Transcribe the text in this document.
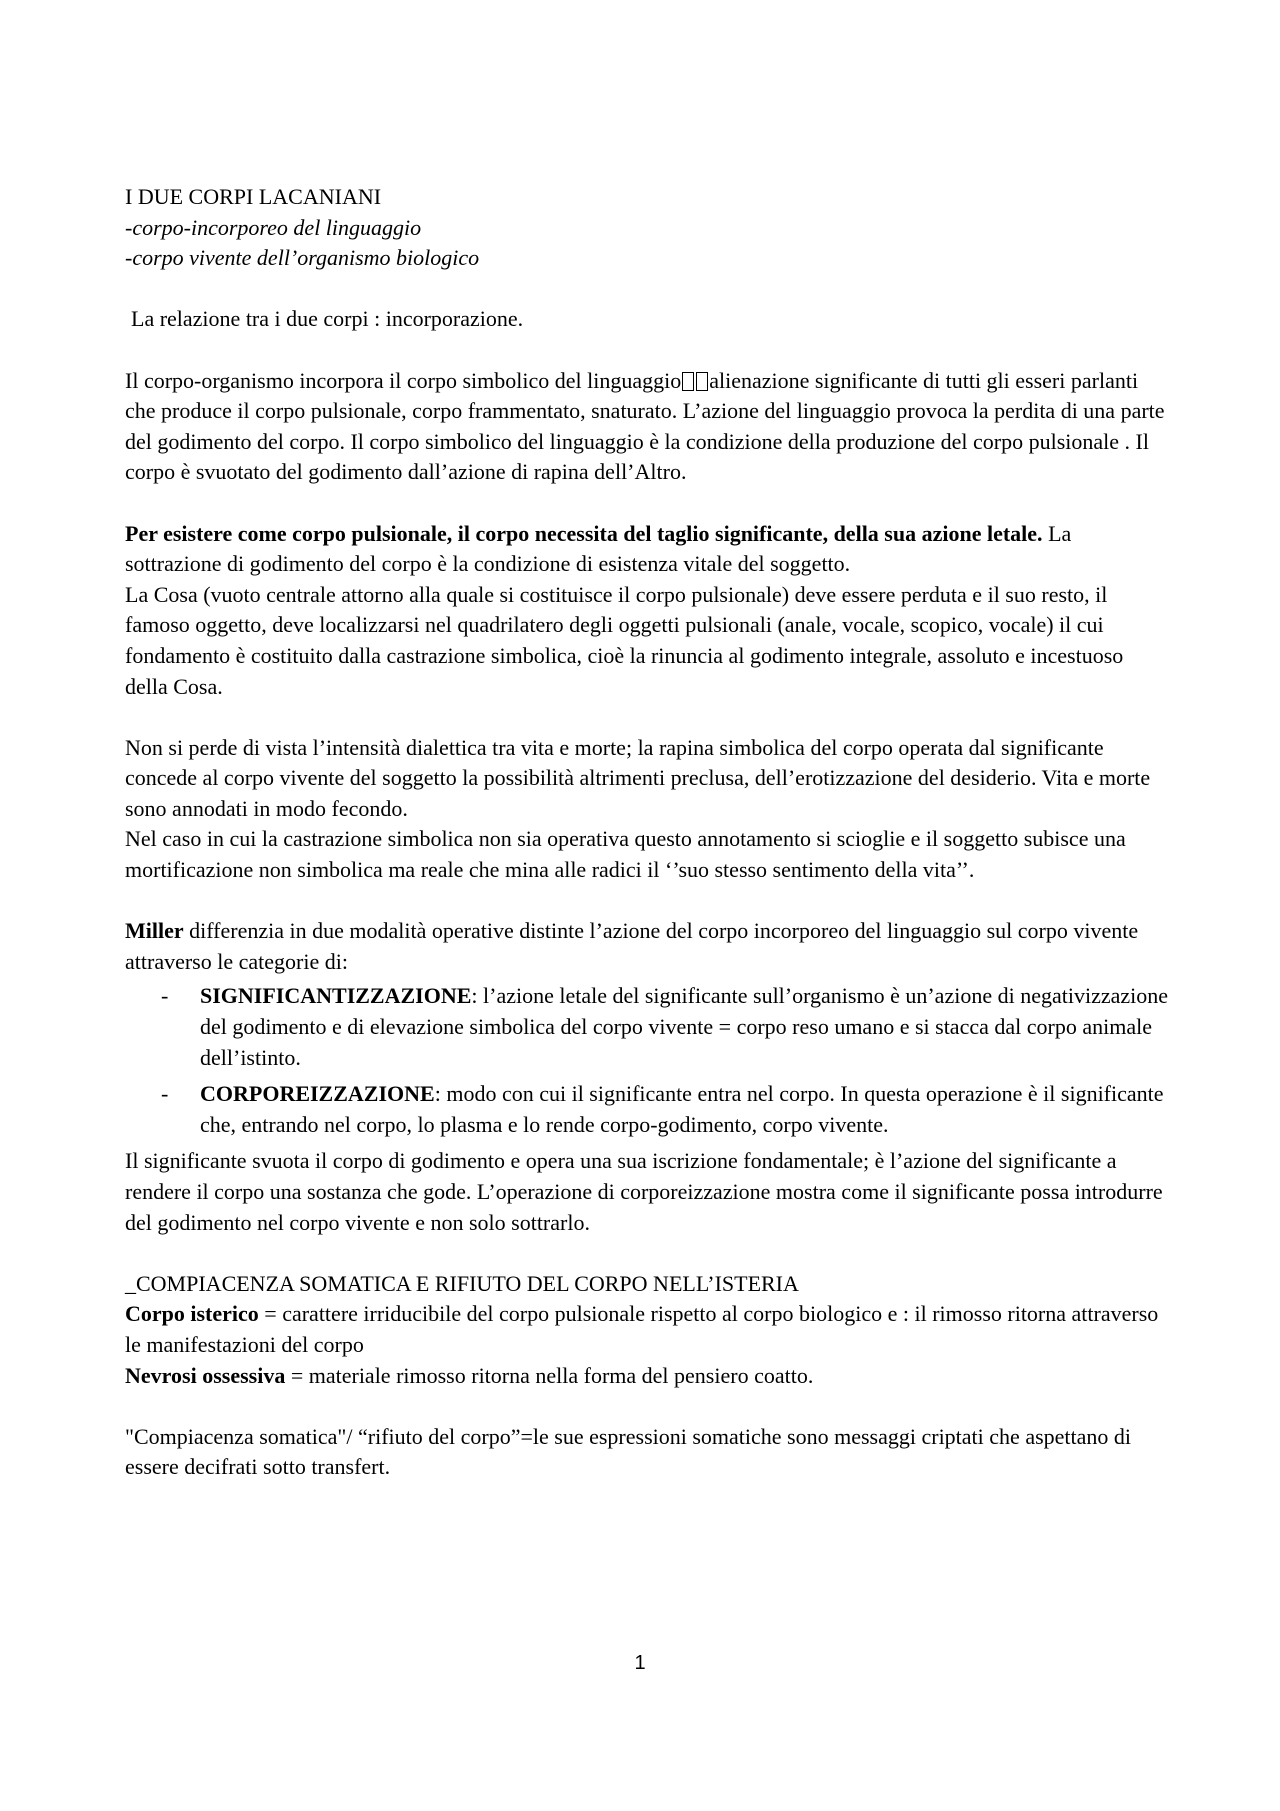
I DUE CORPI LACANIANI

-corpo-incorporeo del linguaggio

-corpo vivente dell’organismo biologico

La relazione tra i due corpi : incorporazione.

Il corpo-organismo incorpora il corpo simbolico del linguaggio alienazione significante di tutti gli esseri parlanti che produce il corpo pulsionale, corpo frammentato, snaturato. L’azione del linguaggio provoca la perdita di una parte del godimento del corpo. Il corpo simbolico del linguaggio è la condizione della produzione del corpo pulsionale . Il corpo è svuotato del godimento dall’azione di rapina dell’Altro.

Per esistere come corpo pulsionale, il corpo necessita del taglio significante, della sua azione letale. La sottrazione di godimento del corpo è la condizione di esistenza vitale del soggetto.

La Cosa (vuoto centrale attorno alla quale si costituisce il corpo pulsionale) deve essere perduta e il suo resto, il famoso oggetto, deve localizzarsi nel quadrilatero degli oggetti pulsionali (anale, vocale, scopico, vocale) il cui fondamento è costituito dalla castrazione simbolica, cioè la rinuncia al godimento integrale, assoluto e incestuoso della Cosa.

Non si perde di vista l’intensità dialettica tra vita e morte; la rapina simbolica del corpo operata dal significante concede al corpo vivente del soggetto la possibilità altrimenti preclusa, dell’erotizzazione del desiderio. Vita e morte sono annodati in modo fecondo.

Nel caso in cui la castrazione simbolica non sia operativa questo annotamento si scioglie e il soggetto subisce una mortificazione non simbolica ma reale che mina alle radici il ‘’suo stesso sentimento della vita’’.

Miller differenzia in due modalità operative distinte l’azione del corpo incorporeo del linguaggio sul corpo vivente attraverso le categorie di:

- SIGNIFICANTIZZAZIONE: l’azione letale del significante sull’organismo è un’azione di negativizzazione del godimento e di elevazione simbolica del corpo vivente = corpo reso umano e si stacca dal corpo animale dell’istinto.
- CORPOREIZZAZIONE: modo con cui il significante entra nel corpo. In questa operazione è il significante che, entrando nel corpo, lo plasma e lo rende corpo-godimento, corpo vivente.

Il significante svuota il corpo di godimento e opera una sua iscrizione fondamentale; è l’azione del significante a rendere il corpo una sostanza che gode. L’operazione di corporeizzazione mostra come il significante possa introdurre del godimento nel corpo vivente e non solo sottrarlo.

_COMPIACENZA SOMATICA E RIFIUTO DEL CORPO NELL’ISTERIA

Corpo isterico = carattere irriducibile del corpo pulsionale rispetto al corpo biologico e : il rimosso ritorna attraverso le manifestazioni del corpo

Nevrosi ossessiva = materiale rimosso ritorna nella forma del pensiero coatto.

"Compiacenza somatica"/ “rifiuto del corpo”=le sue espressioni somatiche sono messaggi criptati che aspettano di essere decifrati sotto transfert.

1
